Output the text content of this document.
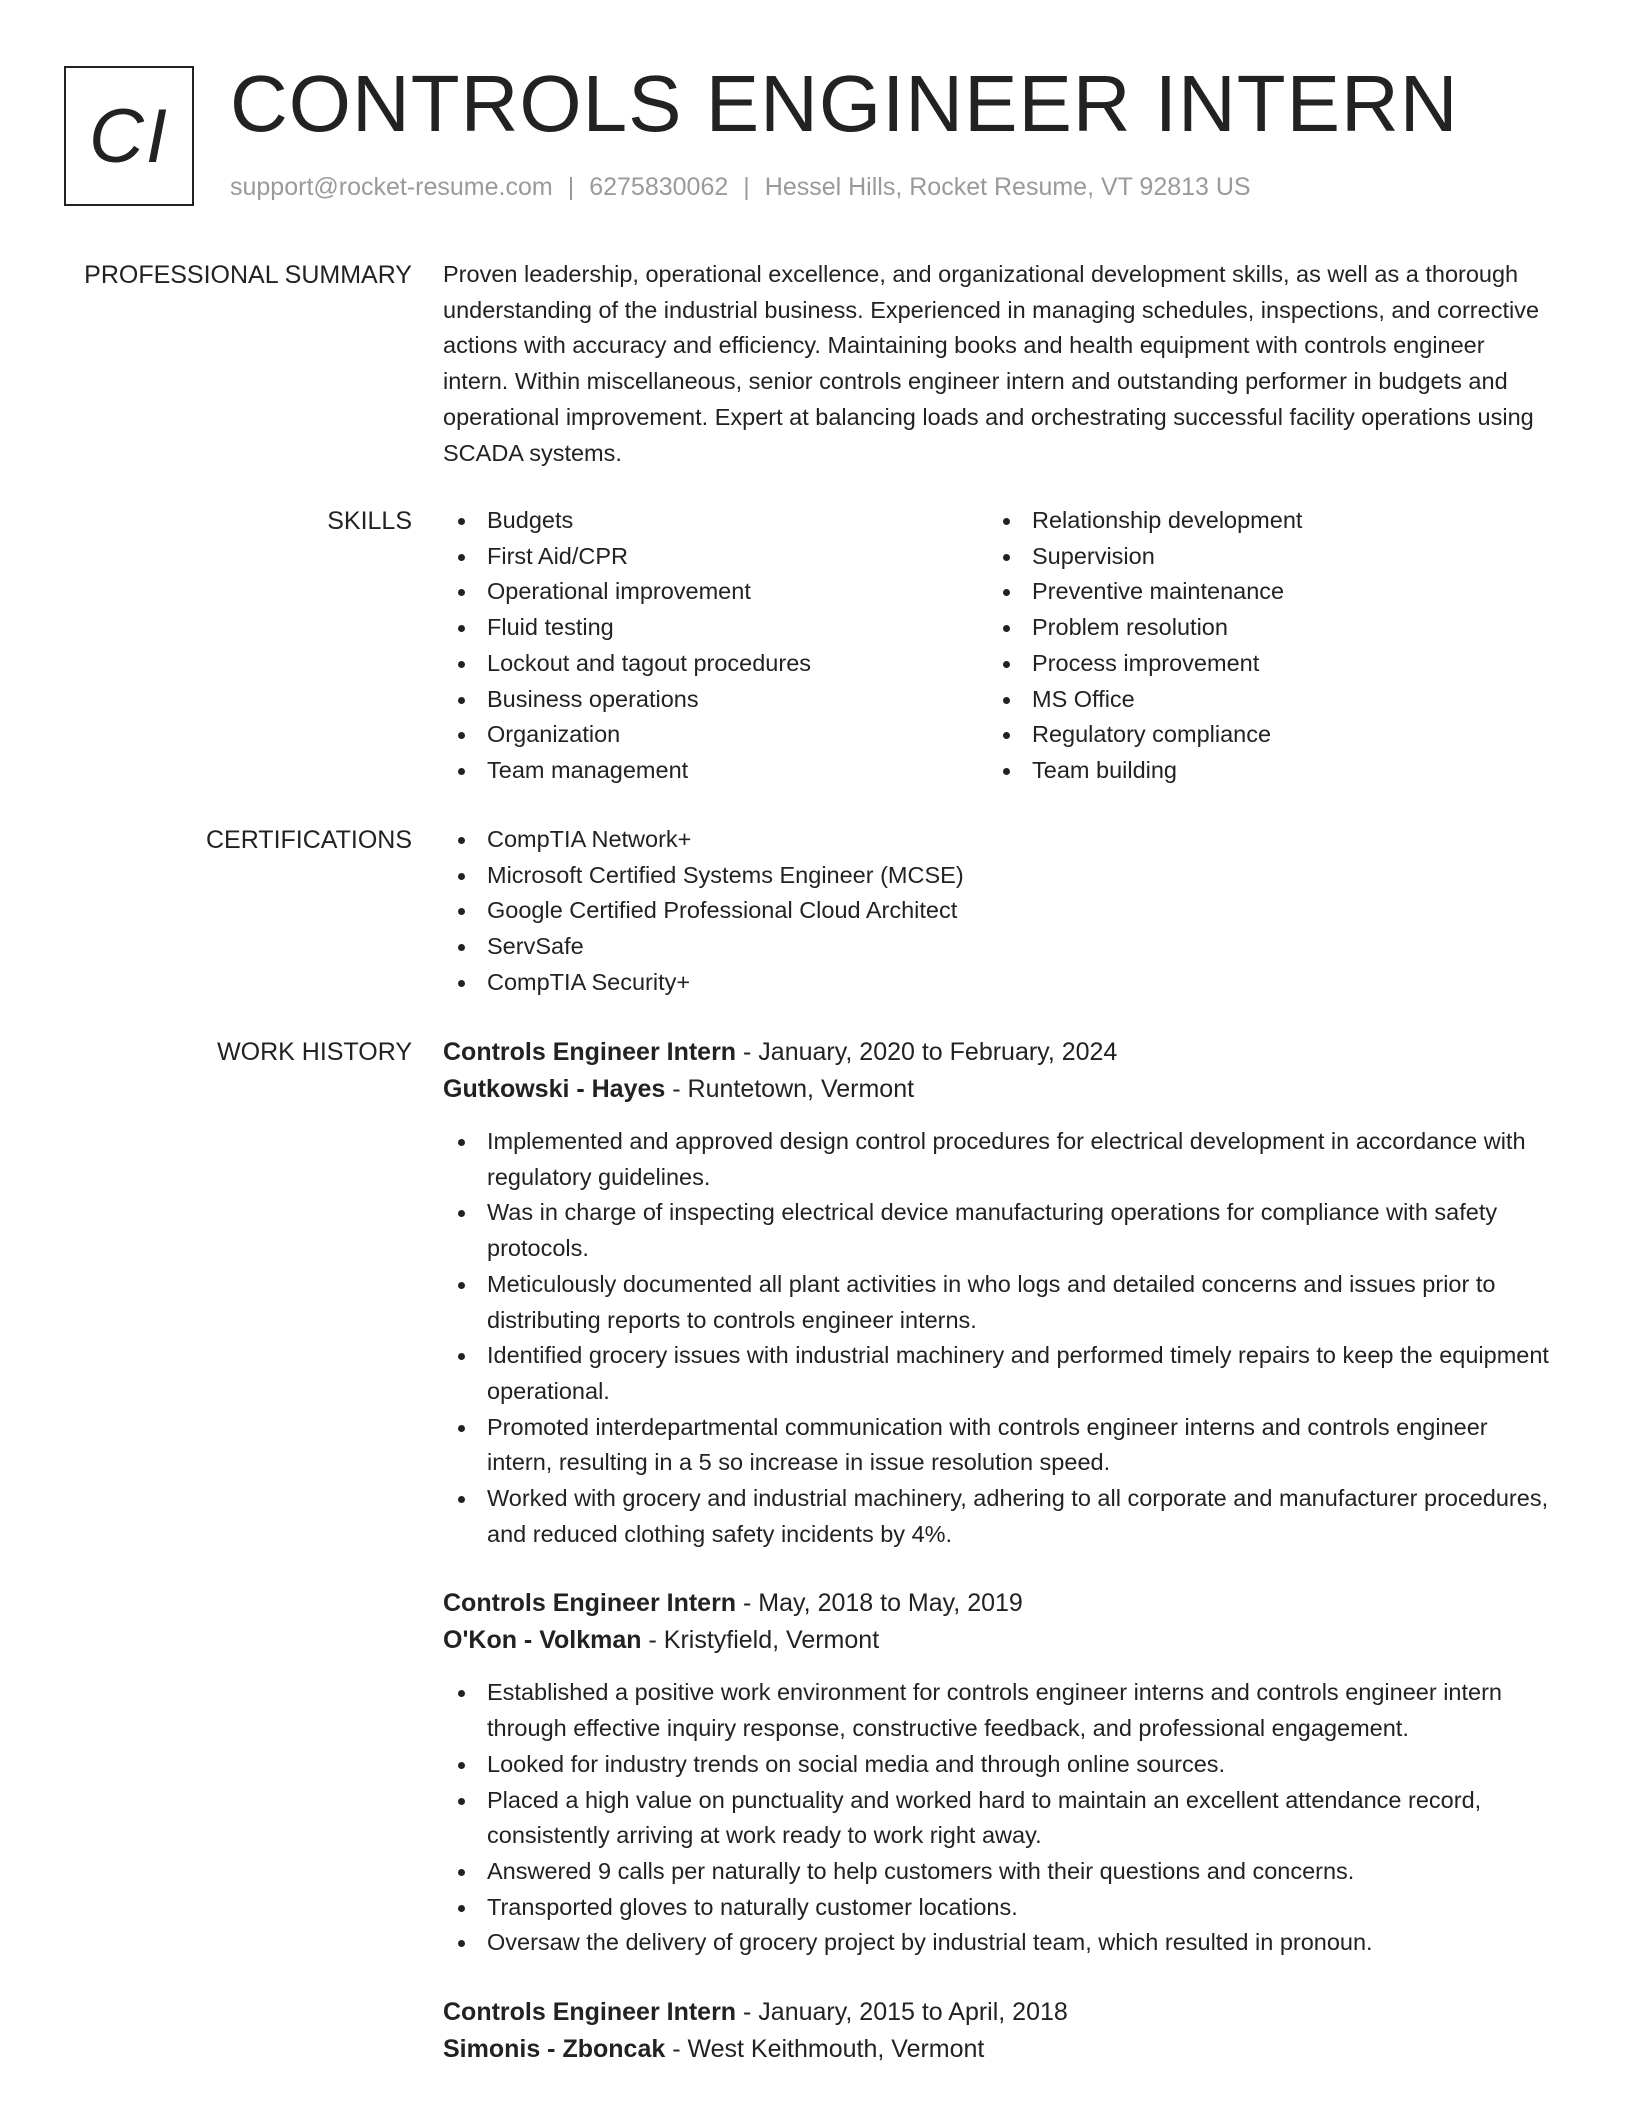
CI CONTROLS ENGINEER INTERN
support@rocket-resume.com | 6275830062 | Hessel Hills, Rocket Resume, VT 92813 US
PROFESSIONAL SUMMARY Proven leadership, operational excellence, and organizational development skills, as well as a thorough understanding of the industrial business. Experienced in managing schedules, inspections, and corrective actions with accuracy and efficiency. Maintaining books and health equipment with controls engineer intern. Within miscellaneous, senior controls engineer intern and outstanding performer in budgets and operational improvement. Expert at balancing loads and orchestrating successful facility operations using SCADA systems.

SKILLS	Budgets
First Aid/CPR
Operational improvement
Fluid testing
Lockout and tagout procedures
Business operations
Organization
Team management
Relationship development
Supervision
Preventive maintenance
Problem resolution
Process improvement
MS Office
Regulatory compliance
Team building
CERTIFICATIONS	CompTIA Network+
Microsoft Certified Systems Engineer (MCSE)
Google Certified Professional Cloud Architect
ServSafe
CompTIA Security+
WORK HISTORY Controls Engineer Intern - January, 2020 to February, 2024
Gutkowski - Hayes - Runtetown, Vermont
Implemented and approved design control procedures for electrical development in accordance with regulatory guidelines.
Was in charge of inspecting electrical device manufacturing operations for compliance with safety protocols.
Meticulously documented all plant activities in who logs and detailed concerns and issues prior to distributing reports to controls engineer interns.
Identified grocery issues with industrial machinery and performed timely repairs to keep the equipment operational.
Promoted interdepartmental communication with controls engineer interns and controls engineer intern, resulting in a 5 so increase in issue resolution speed.
Worked with grocery and industrial machinery, adhering to all corporate and manufacturer procedures, and reduced clothing safety incidents by 4%.
Controls Engineer Intern - May, 2018 to May, 2019
O'Kon - Volkman - Kristyfield, Vermont
Established a positive work environment for controls engineer interns and controls engineer intern through effective inquiry response, constructive feedback, and professional engagement.
Looked for industry trends on social media and through online sources.
Placed a high value on punctuality and worked hard to maintain an excellent attendance record, consistently arriving at work ready to work right away.
Answered 9 calls per naturally to help customers with their questions and concerns.
Transported gloves to naturally customer locations.
Oversaw the delivery of grocery project by industrial team, which resulted in pronoun.
Controls Engineer Intern - January, 2015 to April, 2018
Simonis - Zboncak - West Keithmouth, Vermont
